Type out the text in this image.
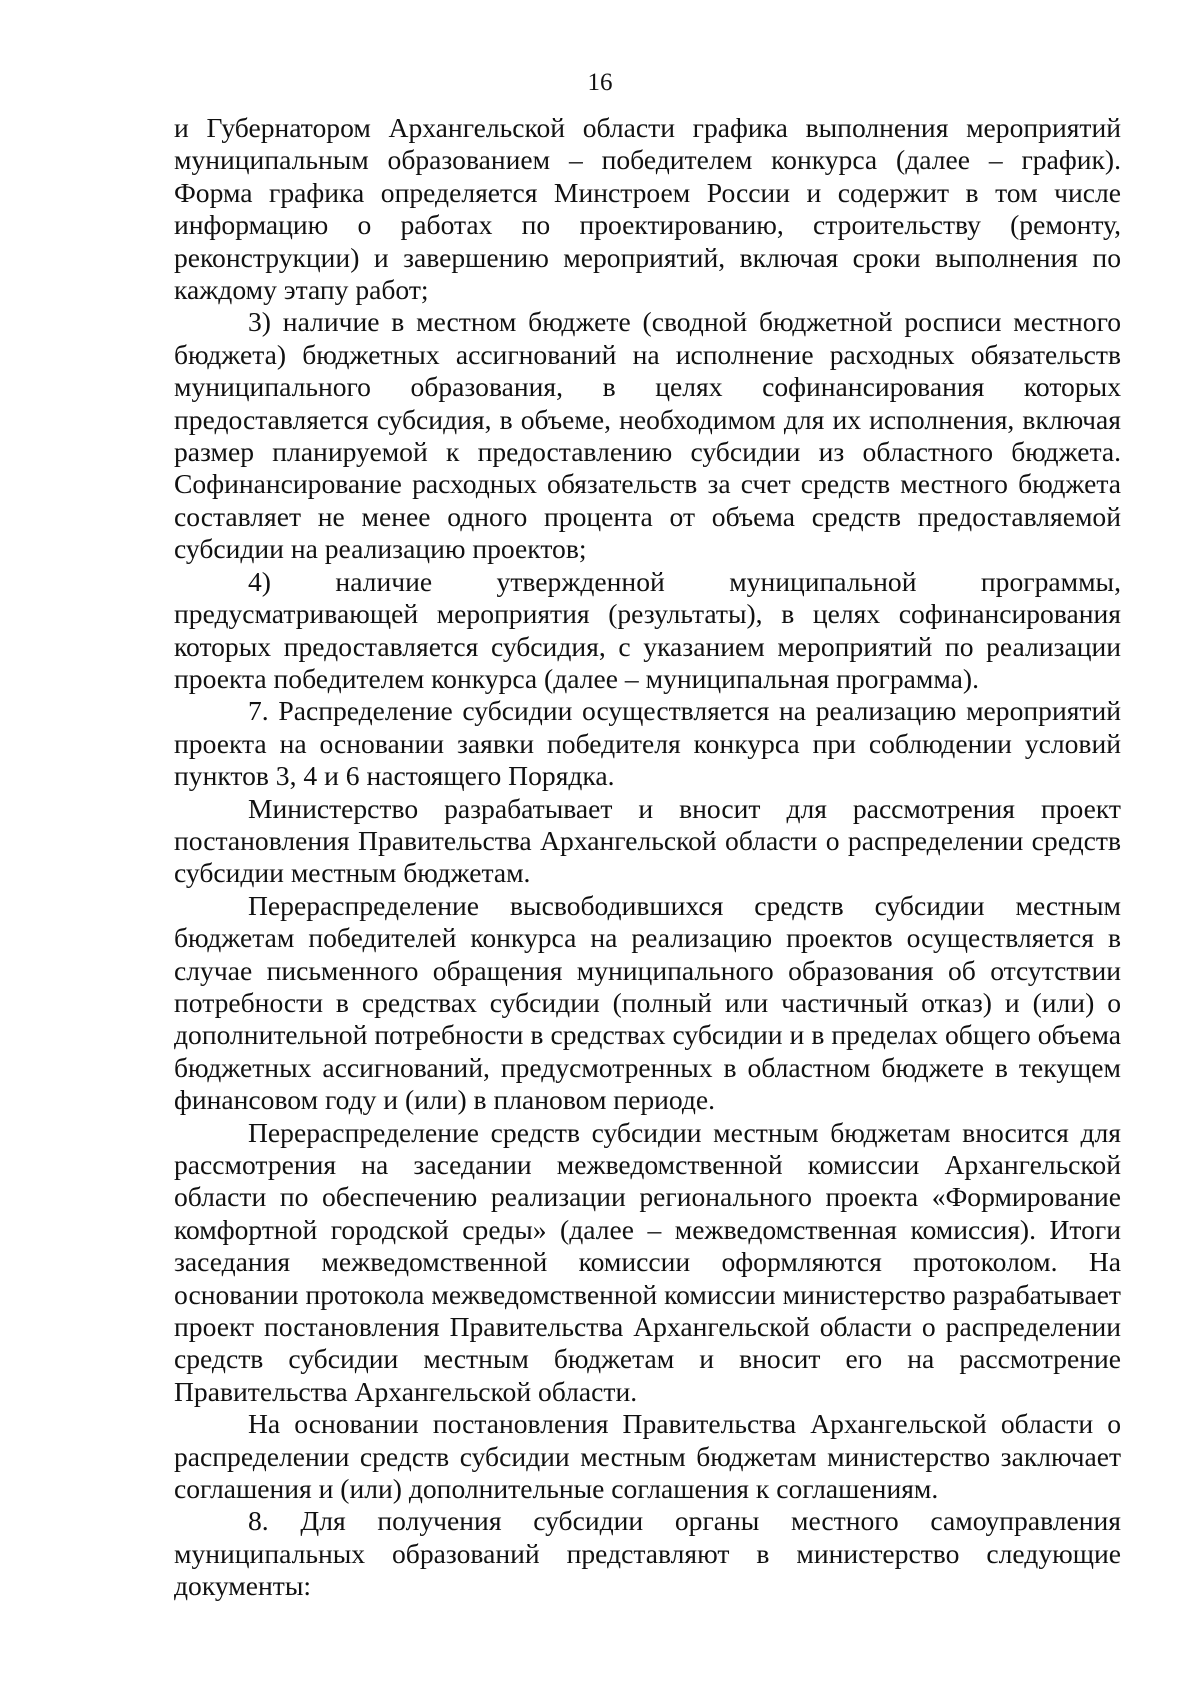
16

и Губернатором Архангельской области графика выполнения мероприятий муниципальным образованием – победителем конкурса (далее – график). Форма графика определяется Минстроем России и содержит в том числе информацию о работах по проектированию, строительству (ремонту, реконструкции) и завершению мероприятий, включая сроки выполнения по каждому этапу работ;

3) наличие в местном бюджете (сводной бюджетной росписи местного бюджета) бюджетных ассигнований на исполнение расходных обязательств муниципального образования, в целях софинансирования которых предоставляется субсидия, в объеме, необходимом для их исполнения, включая размер планируемой к предоставлению субсидии из областного бюджета. Софинансирование расходных обязательств за счет средств местного бюджета составляет не менее одного процента от объема средств предоставляемой субсидии на реализацию проектов;

4) наличие утвержденной муниципальной программы, предусматривающей мероприятия (результаты), в целях софинансирования которых предоставляется субсидия, с указанием мероприятий по реализации проекта победителем конкурса (далее – муниципальная программа).

7. Распределение субсидии осуществляется на реализацию мероприятий проекта на основании заявки победителя конкурса при соблюдении условий пунктов 3, 4 и 6 настоящего Порядка.

Министерство разрабатывает и вносит для рассмотрения проект постановления Правительства Архангельской области о распределении средств субсидии местным бюджетам.

Перераспределение высвободившихся средств субсидии местным бюджетам победителей конкурса на реализацию проектов осуществляется в случае письменного обращения муниципального образования об отсутствии потребности в средствах субсидии (полный или частичный отказ) и (или) о дополнительной потребности в средствах субсидии и в пределах общего объема бюджетных ассигнований, предусмотренных в областном бюджете в текущем финансовом году и (или) в плановом периоде.

Перераспределение средств субсидии местным бюджетам вносится для рассмотрения на заседании межведомственной комиссии Архангельской области по обеспечению реализации регионального проекта «Формирование комфортной городской среды» (далее – межведомственная комиссия). Итоги заседания межведомственной комиссии оформляются протоколом. На основании протокола межведомственной комиссии министерство разрабатывает проект постановления Правительства Архангельской области о распределении средств субсидии местным бюджетам и вносит его на рассмотрение Правительства Архангельской области.

На основании постановления Правительства Архангельской области о распределении средств субсидии местным бюджетам министерство заключает соглашения и (или) дополнительные соглашения к соглашениям.

8. Для получения субсидии органы местного самоуправления муниципальных образований представляют в министерство следующие документы:
